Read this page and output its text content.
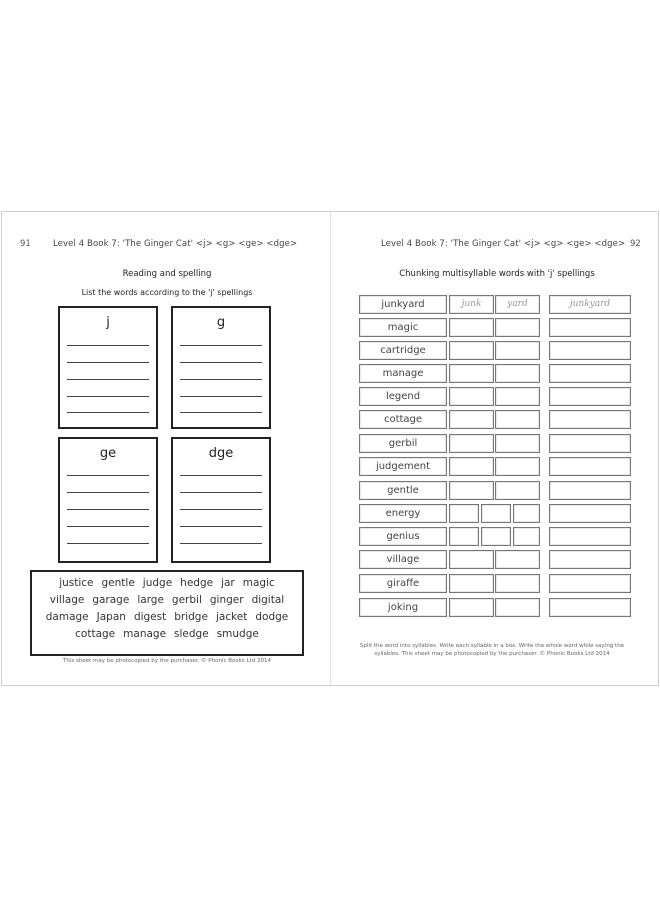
91	Level 4 Book 7: 'The Ginger Cat' <j> <g> <ge> <dge>
Reading and spelling
List the words according to the 'j' spellings
j	g
ge	dge
justice gentle judge hedge jar magic
village garage large gerbil ginger digital
damage Japan digest bridge jacket dodge
cottage manage sledge smudge
This sheet may be photocopied by the purchaser. © Phonic Books Ltd 2014
Level 4 Book 7: 'The Ginger Cat' <j> <g> <ge> <dge> 92
Chunking multisyllable words with 'j' spellings
junkyard	junk	yard	junkyard
magic
cartridge
manage
legend
cottage
gerbil
judgement
gentle
energy
genius
village
giraffe
joking
Split the word into syllables. Write each syllable in a box. Write the whole word while saying the
syllables. This sheet may be photocopied by the purchaser. © Phonic Books Ltd 2014
